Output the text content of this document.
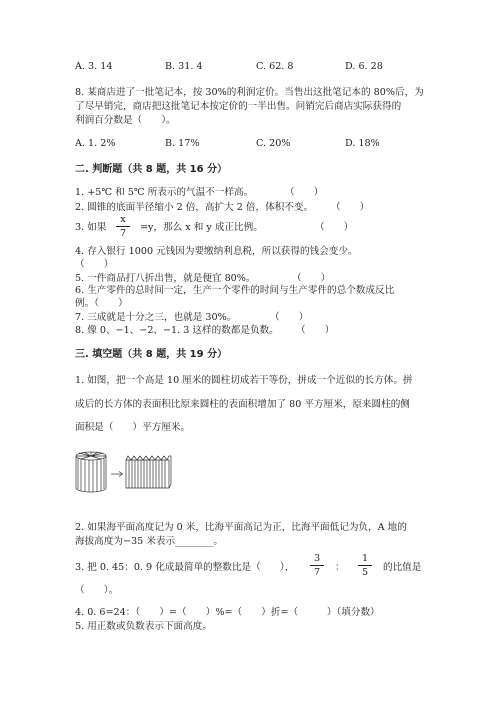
A. 3. 14	B. 31. 4	C. 62. 8	D. 6. 28
8. 某商店进了一批笔记本，按 30%的利润定价。当售出这批笔记本的 80%后，为
了尽早销完，商店把这批笔记本按定价的一半出售。问销完后商店实际获得的
利润百分数是（　　）。
A. 1. 2%	B. 17%	C. 20%	D. 18%
二. 判断题（共 8 题，共 16 分）
1. +5℃ 和 5℃ 所表示的气温不一样高。	（　　）
2. 圆锥的底面半径缩小 2 倍，高扩大 2 倍，体积不变。 （　　）
3. 如果
x
7
=y，那么 x 和 y 成正比例。	（　　）
4. 存入银行 1000 元钱因为要缴纳利息税，所以获得的钱会变少。
（　　）
5. 一件商品打八折出售，就是便宜 80%。	（　　）
6. 生产零件的总时间一定，生产一个零件的时间与生产零件的总个数成反比
例。（　　）
7. 三成就是十分之三，也就是 30%。	（　　）
8. 像 0、−1、−2、−1. 3 这样的数都是负数。 （　　）
三. 填空题（共 8 题，共 19 分）
1. 如图，把一个高是 10 厘米的圆柱切成若干等份，拼成一个近似的长方体。拼
成后的长方体的表面积比原来圆柱的表面积增加了 80 平方厘米，原来圆柱的侧
面积是（　　）平方厘米。
2. 如果海平面高度记为 0 米，比海平面高记为正，比海平面低记为负，A 地的
海拔高度为−35 米表示________。
3. 把 0. 45：0. 9 化成最简单的整数比是（　　），
3
7	：
1
5	的比值是
（　　）。
4. 0. 6=24：（　　）=（　　）%=（　　）折=（　　　）（填分数）
5. 用正数或负数表示下面高度。
